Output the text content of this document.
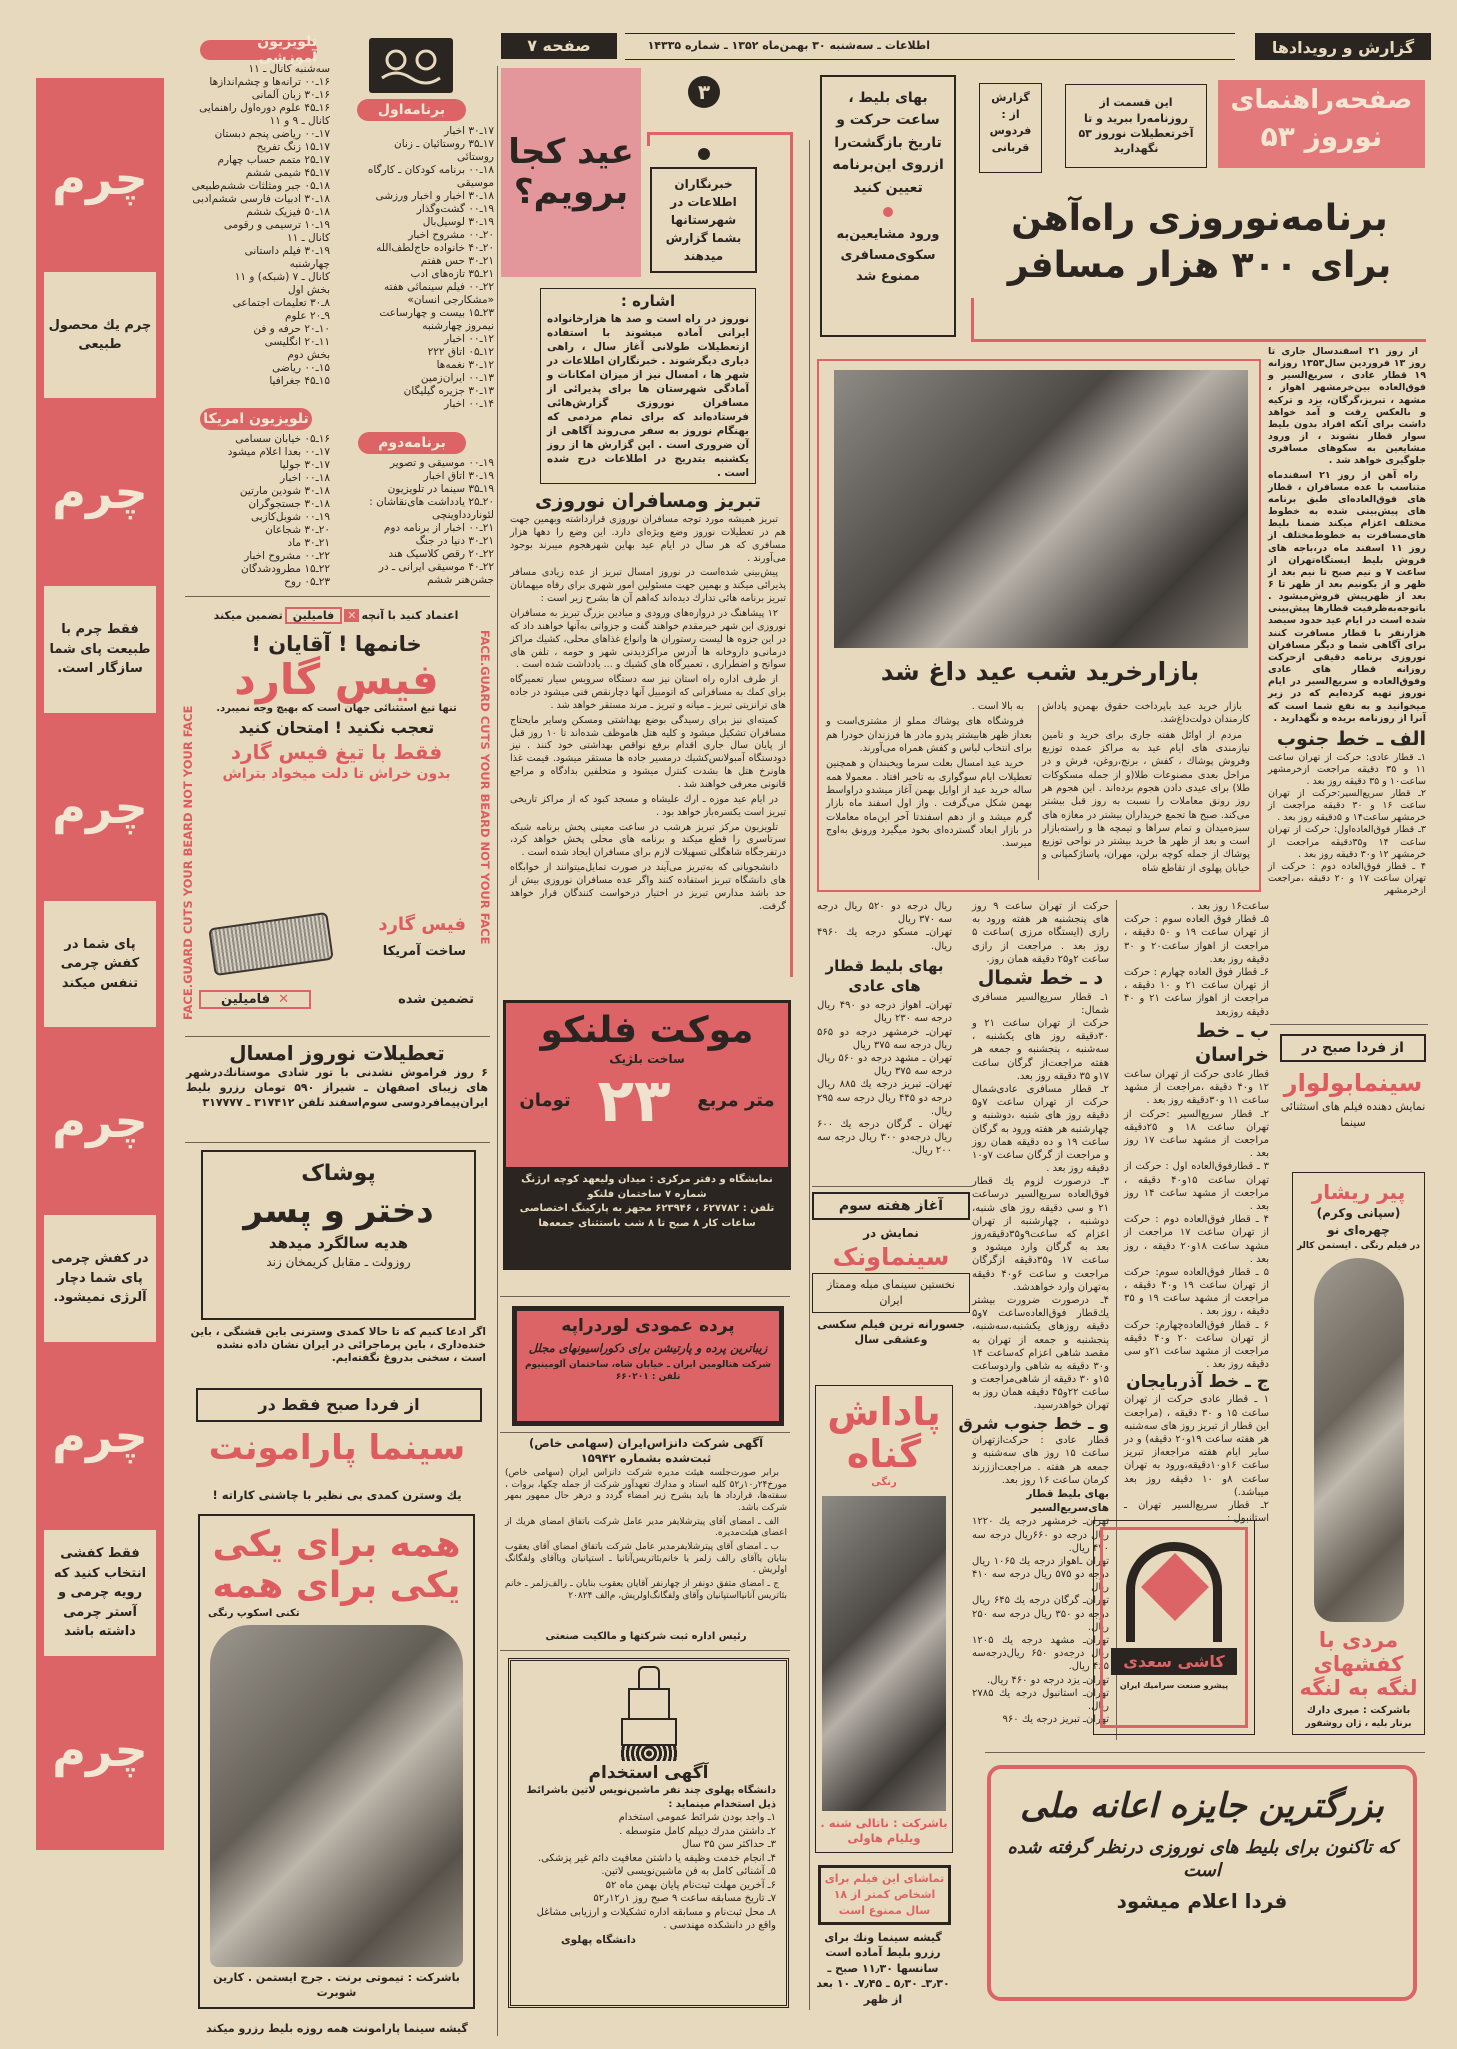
گزارش و رویدادها
اطلاعات ـ سه‌شنبه ۳۰ بهمن‌ماه ۱۳۵۲ ـ شماره ۱۴۳۳۵
صفحه ۷
چرم
چرم یك محصول طبیعی
چرم
فقط چرم با طبیعت پای شما سازگار است.
چرم
پای شما در کفش چرمی تنفس میکند
چرم
در کفش چرمی پای شما دچار آلرژی نمیشود.
چرم
فقط کفشی انتخاب کنید که رویه چرمی و آستر چرمی داشته باشد
چرم
تلویزیون آموزشی
سه‌شنبه کانال ـ ۱۱
۱۶ـ۰۰ ترانه‌ها و چشم‌اندازها
۱۶ـ۳۰ زبان آلمانی
۱۶ـ۴۵ علوم دوره‌اول راهنمایی
کانال ـ ۹ و ۱۱
۱۷ـ۰۰ ریاضی پنجم دبستان
۱۷ـ۱۵ زنگ تفریح
۱۷ـ۲۵ متمم حساب چهارم
۱۷ـ۴۵ شیمی ششم
۱۸ـ۰۵ جبر ومثلثات ششم‌طبیعی
۱۸ـ۳۰ ادبیات فارسی ششم‌ادبی
۱۸ـ۵۰ فیزیک ششم
۱۹ـ۱۰ ترسیمی و رقومی
کانال ـ ۱۱
۱۹ـ۳۰ فیلم داستانی
چهارشنبه
کانال ـ ۷ (شبکه) و ۱۱
بخش اول
۸ـ۳۰ تعلیمات اجتماعی
۹ـ۲۰ علوم
۱۰ـ۲۰ حرفه و فن
۱۱ـ۲۰ انگلیسی
بخش دوم
۱۵ـ۰۰ ریاضی
۱۵ـ۴۵ جغرافیا
برنامه‌اول
۱۷ـ۳۰ اخبار
۱۷ـ۳۵ روستائیان ـ زنان
روستائی
۱۸ـ۰۰ برنامه کودکان ـ کارگاه
موسیقی
۱۸ـ۳۰ اخبار و اخبار ورزشی
۱۹ـ۰۰ گشت‌وگذار
۱۹ـ۳۰ لوسیل‌بال
۲۰ـ۰۰ مشروح اخبار
۲۰ـ۴۰ خانواده حاج‌لطف‌الله
۲۱ـ۳۰ حس هفتم
۲۱ـ۳۵ تازه‌های ادب
۲۲ـ۰۰ فیلم سینمائی هفته
«مشکارجی انسان»
۲۳ـ۱۵ بیست و چهارساعت
نیمروز چهارشنبه
۱۲ـ۰۰ اخبار
۱۲ـ۰۵ اتاق ۲۲۲
۱۲ـ۳۰ نغمه‌ها
۱۳ـ۰۰ ایران‌زمین
۱۳ـ۳۰ جزیره گیلیگان
۱۴ـ۰۰ اخبار
تلویزیون امریکا
۱۶ـ۰۵ خیابان سسامی
۱۷ـ۰۰ بعدا اعلام میشود
۱۷ـ۳۰ جولیا
۱۸ـ۰۰ اخبار
۱۸ـ۳۰ شودین مارتین
۱۸ـ۳۰ جستجوگران
۱۹ـ۰۰ شوبل‌کازبی
۲۰ـ۳۰ شجاعان
۲۱ـ۳۰ ماد
۲۲ـ۰۰ مشروح اخبار
۲۲ـ۱۵ مطرودشدگان
۲۳ـ۰۵ روح
برنامه‌دوم
۱۹ـ۰۰ موسیقی و تصویر
۱۹ـ۳۰ اتاق اخبار
۱۹ـ۳۵ سینما در تلویزیون
۲۰ـ۲۵ یادداشت های‌نقاشان :
لئوناردداوینچی
۲۱ـ۰۰ اخبار از برنامه دوم
۲۱ـ۳۰ دنیا در جنگ
۲۲ـ۲۰ رقص کلاسیک هند
۲۲ـ۴۰ موسیقی ایرانی ـ در
جشن‌هنر ششم
اعتماد کنید با آنچه
✕
فامیلین
تضمین میکند
FACE.GUARD CUTS YOUR BEARD NOT YOUR FACE
FACE.GUARD CUTS YOUR BEARD NOT YOUR FACE
خانمها ! آقایان !
فیس گارد
تنها تیغ استثنائی جهان است که بهیچ وجه نمیبرد.
تعجب نکنید ! امتحان کنید
فقط با تیغ فیس گارد
بدون خراش تا دلت میخواد بتراش
فیس گارد
ساخت آمریکا
تضمین شده
✕
فامیلین
تعطیلات نوروز امسال
۶ روز فراموش نشدنی با تور شادی موستانك‌درشهر های زیبای اصفهان ـ شیراز ۵۹۰ تومان رزرو بلیط ایران‌پیمافردوسی سوم‌اسفند تلفن ۳۱۷۴۱۲ ـ ۳۱۷۷۷۷
پوشاک
دختر و پسر
هدیه سالگرد میدهد
روزولت ـ مقابل کریمخان زند
اگر ادعا کنیم که تا حالا کمدی وسترنی باین قشنگی ، باین خنده‌داری ، باین پرماجرائی در ایران نشان داده نشده است ، سخنی بدروغ نگفته‌ایم.
از فردا صبح فقط در
سینما پارامونت
یك وسترن کمدی بی نظیر با چاشنی کاراته !
همه برای یکی یکی برای همه
تکنی اسکوپ رنگی
باشرکت : تیموتی برنت . جرج ایستمن . کارین شوبرت
گیشه سینما پارامونت همه روزه بلیط رزرو میکند
عید کجا برویم؟
۳
خبرنگاران اطلاعات در شهرستانها بشما گزارش میدهند
اشاره :
نوروز در راه است و صد ها هزارخانواده ایرانی آماده میشوند با استفاده ازتعطیلات طولانی آغاز سال ، راهی دیاری دیگرشوند . خبرنگاران اطلاعات در شهر ها ، امسال نیز از میزان امکانات و آمادگی شهرستان ها برای پذیرائی از مسافران نوروزی گزارش‌هائی فرستاده‌اند که برای تمام مردمی که بهنگام نوروز به سفر می‌روند آگاهی از آن ضروری است . این گزارش ها از روز یکشنبه بتدریج در اطلاعات درج شده است .
تبریز ومسافران نوروزی

تبریز همیشه مورد توجه مسافران نوروزی قرارداشته وبهمین جهت هم در تعطیلات نوروز وضع ویژه‌ای دارد. این وضع را دهها هزار مسافری که هر سال در ایام عید بهاین شهرهجوم میبرند بوجود می‌آورند .

پیش‌بینی شده‌است در نوروز امسال تبریز از عده زیادی مسافر پذیرائی میکند و بهمین جهت مسئولین امور شهری برای رفاه میهمانان تبریز برنامه هائی تدارك دیده‌اند که‌اهم آن ها بشرح زیر است :

۱۲ پیشاهنگ در دروازه‌های ورودی و میادین بزرگ تبریز به مسافران نوروزی این شهر خیرمقدم خواهند گفت و جزواتی به‌آنها خواهند داد که در این جزوه ها لیست رستوران ها وانواع غذاهای محلی، کشیك مراکز درمانی‌و داروخانه ها آدرس مراکزدیدنی شهر و حومه ، تلفن های سوانح و اضطراری ، تعمیرگاه های کشیك و ... یادداشت شده است .

از طرف اداره راه استان نیز سه دستگاه سرویس سیار تعمیرگاه برای کمك به مسافرانی که اتومبیل آنها دچارنقص فنی میشود در جاده های ترانزیتی تبریز ـ میانه و تبریز ـ مرند مستقر خواهد شد .

کمیته‌ای نیز برای رسیدگی بوضع بهداشتی ومسکن وسایر مایحتاج مسافران تشکیل میشود و کلیه هتل هاموظف شده‌اند تا ۱۰ روز قبل از پایان سال جاری اقدام برفع نواقص بهداشتی خود کنند . نیز دودستگاه آمبولانس‌کشیك درمسیر جاده ها مستقر میشود. قیمت غذا هاونرخ هتل ها بشدت کنترل میشود و متخلفین بدادگاه و مراجع قانونی معرفی خواهند شد .

در ایام عید موزه ـ ارك علیشاه و مسجد کبود که از مراکز تاریخی تبریز است یکسره‌باز خواهد بود .

تلویزیون مرکز تبریز هرشب در ساعت معینی پخش برنامه شبکه سرتاسری را قطع میکند و برنامه های محلی پخش خواهد کرد، درتفرجگاه شاهگلی تسهیلات لازم برای مسافران ایجاد شده است .

دانشجویانی که به‌تبریز می‌آیند در صورت تمایل‌میتوانند از خوابگاه های دانشگاه تبریز استفاده کنند واگر عده مسافران نوروزی بیش از حد باشد مدارس تبریز در اختیار درخواست کنندگان قرار خواهد گرفت.

موکت فلنکو
ساخت بلژیک
متر مربع
۲۳
تومان
نمایشگاه و دفتر مرکزی : میدان ولیعهد کوچه ارژنگ شماره ۷ ساختمان فلنکو
تلفن : ۶۲۷۷۸۲ ، ۶۲۳۹۴۶ مجهز به پارکینگ اختصاصی
ساعات کار ۸ صبح تا ۸ شب باستثنای جمعه‌ها
پرده عمودی لوردراپه
زیباترین پرده و پارتیشن برای دکوراسیونهای مجلل
شرکت هنالومین ایران ـ خیابان شاه، ساختمان آلومینیوم تلفن : ۶۶۰۲۰۱
آگهی شرکت دانزاس‌ایران (سهامی خاص) ثبت‌شده بشماره ۱۵۹۴۲

برابر صورت‌جلسه هیئت مدیره شرکت دانزاس ایران (سهامی خاص) مورخ۲۴ر۱۰ر۵۲ کلیه اسناد و مدارك تعهدآور شرکت از جمله چکها، بروات ، سفته‌ها، قرارداد ها باید بشرح زیر امضاء گردد و درهر حال ممهور بمهر شرکت باشد.

الف ـ امضای آقای پیترشلایفر مدیر عامل شرکت باتفاق امضای هریك از اعضای هیئت‌مدیره.

ب ـ امضای آقای پیترشلایفرمدیر عامل شرکت باتفاق امضای آقای یعقوب بنایان یاآقای رالف زلمر یا خانم‌بئاتریس‌آنانیا ـ استپانیان ویاآقای ولفگانگ اولریش .

ج ـ امضای متفق دونفر از چهارنفر آقایان یعقوب بنایان ـ رالف‌زلمر ـ خانم بئاتریس آنانیااستپانیان وآقای ولفگانگ‌اولریش، م‌الف ۲۰۸۲۴

رئیس اداره ثبت شرکتها و مالکیت صنعتی
آگهی استخدام
دانشگاه پهلوی چند نفر ماشین‌نویس لاتین باشرائط ذیل استخدام مینماید :
۱ـ واجد بودن شرائط عمومی استخدام
۲ـ داشتن مدرك دیپلم کامل متوسطه .
۳ـ حداکثر سن ۳۵ سال
۴ـ انجام خدمت وظیفه یا داشتن معافیت دائم غیر پزشکی.
۵ـ آشنائی کامل به فن ماشین‌نویسی لاتین.
۶ـ آخرین مهلت ثبت‌نام پایان بهمن ماه ۵۲
۷ـ تاریخ مسابقه ساعت ۹ صبح روز ۱ر۱۲ر۵۲
۸ـ محل ثبت‌نام و مسابقه اداره تشکیلات و ارزیابی مشاغل واقع در دانشکده مهندسی .
دانشگاه پهلوی
بهای بلیط ،
ساعت حرکت و
تاریخ بازگشت‌را
ازروی این‌برنامه
تعیین کنید
ورود مشایعین‌به
سکوی‌مسافری
ممنوع شد
گزارش
از :
فردوس
قربانی
این قسمت از روزنامه‌را ببرید و تا آخرتعطیلات نوروز ۵۳ نگهدارید
صفحه‌راهنمای
نوروز ۵۳
برنامه‌نوروزی راه‌آهن
برای ۳۰۰ هزار مسافر
بازارخرید شب عید داغ شد

بازار خرید عید باپرداخت حقوق بهمن‌و پاداش کارمندان دولت‌داغ‌شد.

مردم از اوائل هفته جاری برای خرید و تامین نیازمندی های ایام عید به مراکز عمده توزیع وفروش پوشاك ، کفش ، برنج،روغن، فرش و در مراحل بعدی مصنوعات طلا(و از جمله مسکوکات طلا) برای عیدی دادن هجوم برده‌اند . این هجوم هر روز رونق معاملات را نسبت به روز قبل بیشتر می‌کند. صبح ها تجمع خریداران بیشتر در مغازه های سبزه‌میدان و تمام سراها و تیمچه ها و راسته‌بازار است و بعد از ظهر ها خرید بیشتر در نواحی توزیع پوشاك از جمله کوچه برلن، مهران، پاساژکمپانی و خیابان پهلوی از تقاطع شاه

به بالا است .

فروشگاه های پوشاك مملو از مشتری‌است و بعداز ظهر هابیشتر پدرو مادر ها فرزندان خودرا هم برای انتخاب لباس و کفش همراه می‌آورند.

خرید عید امسال بعلت سرما ویخبندان و همچنین تعطیلات ایام سوگواری به تاخیر افتاد . معمولا همه ساله خرید عید از اوایل بهمن آغاز میشدو دراواسط بهمن شکل می‌گرفت . واز اول اسفند ماه بازار گرم میشد و از دهم اسفندتا آخر این‌ماه معاملات در بازار ابعاد گسترده‌ای بخود میگیرد ورونق به‌اوج میرسد.

از روز ۲۱ اسفندسال جاری تا روز ۱۳ فروردین سال۱۳۵۳ روزانه ۱۹ قطار عادی ، سریع‌السیر و فوق‌العاده بین‌خرمشهر اهواز ، مشهد ، تبریز،گرگان، یزد و ترکیه و بالعکس رفت و آمد خواهد داشت برای آنکه افراد بدون بلیط سوار قطار نشوند ، از ورود مشایعین به سکوهای مسافری جلوگیری خواهد شد .

راه آهن از روز ۲۱ اسفندماه متناسب با عده مسافران ، قطار های فوق‌العاده‌ای طبق برنامه های پیش‌بینی شده به خطوط مختلف اعزام میکند ضمنا بلیط های‌مسافرت به خطوط‌مختلف از روز ۱۱ اسفند ماه در،باجه های فروش بلیط ایستگاه‌تهران از ساعت ۷ و نیم صبح تا نیم بعد از ظهر و از یکونیم بعد از ظهر تا ۶ بعد از ظهرپیش فروش‌میشود . باتوجه‌به‌ظرفیت قطارها پیش‌بینی شده است در ایام عید حدود سیصد هزارنفر با قطار مسافرت کنند برای آگاهی شما و دیگر مسافران نوروزی برنامه دقیقی ازحرکت روزانه قطار های عادی وفوق‌العاده و سریع‌السیر در ایام نوروز تهیه کرده‌ایم که در زیر میخوانید و به نفع شما است که آنرا از روزنامه بریده و نگهدارید .

الف ـ خط جنوب
۱ـ قطار عادی: حرکت از تهران ساعت ۱۱ و ۳۵ دقیقه مراجعت ازخرمشهر ساعت۱۰ و ۳۵ دقیقه روز بعد .
۲ـ قطار سریع‌السیر:حرکت از تهران ساعت ۱۶ و ۳۰ دقیقه مراجعت از خرمشهر ساعت۱۴ و ۵دقیقه روز بعد .
۳ـ قطار فوق‌العاده‌اول: حرکت از تهران ساعت ۱۴ و۳۵دقیقه مراجعت از خرمشهر ۱۲ و۳۰ دقیقه روز بعد .
۴ ـ قطار فوق‌العاده دوم : حرکت از تهران ساعت ۱۷ و ۲۰ دقیقه ،مراجعت ازخرمشهر
ریال درجه دو ۵۲۰ ریال درجه سه ۳۷۰ ریال
تهران‌ـ مسکو درجه یك ۴۹۶۰ ریال.
بهای بلیط قطار های عادی
تهران‌ـ اهواز درجه دو ۴۹۰ ریال درجه سه ۲۳۰ ریال
تهران‌ـ خرمشهر درجه دو ۵۶۵ ریال درجه سه ۳۷۵ ریال
تهران ـ مشهد درجه دو ۵۶۰ ریال درجه سه ۳۷۵ ریال
تهران‌ـ تبریز درجه یك ۸۸۵ ریال درجه دو ۴۴۵ ریال درجه سه ۲۹۵ ریال.
تهران ـ گرگان درجه یك ۶۰۰ ریال درجه‌دو ۳۰۰ ریال درجه سه ۲۰۰ ریال.
حرکت از تهران ساعت ۹ روز های پنجشنبه هر هفته ورود به رازی (ایستگاه مرزی )ساعت ۵ روز بعد . مراجعت از رازی ساعت ۲و۲۵ دقیقه همان روز.
د ـ خط شمال
۱ـ قطار سریع‌السیر مسافری شمال:
حرکت از تهران ساعت ۲۱ و ۳۰دقیقه روز های یکشنبه ، سه‌شنبه ، پنجشنبه و جمعه هر هفته مراجعت‌از گرگان ساعت ۱۷و ۳۵ دقیقه روز بعد.
۲ـ قطار مسافری عادی‌شمال حرکت از تهران ساعت ۷و۵ دقیقه روز های شنبه ،دوشنبه و چهارشنبه هر هفته ورود به گرگان ساعت ۱۹ و ده دقیقه همان روز و مراجعت از گرگان ساعت ۷و۱۰ دقیقه روز بعد .
۳ـ درصورت لزوم یك قطار فوق‌العاده سریع‌السیر درساعت ۲۱ و سی دقیقه روز های شنبه، دوشنبه ، چهارشنبه از تهران اعزام که ساعت۹و۳۵دقیقه‌روز بعد به گرگان وارد میشود و ساعت ۱۷ و۳۵دقیقه ازگرگان مراجعت و ساعت ۶و۴۰ دقیقه به‌تهران وارد خواهدشد.
۴ـ درصورت ضرورت بیشتر یك‌قطار فوق‌العاده‌ساعت ۷و۵ دقیقه روزهای یکشنبه،سه‌شنبه، پنجشنبه و جمعه از تهران به مقصد شاهی اعزام که‌ساعت ۱۴ و۳۰ دقیقه به شاهی واردوساعت ۱۵و ۳۰ دقیقه از شاهی‌مراجعت و ساعت ۲۲و۴۵ دقیقه همان روز به تهران خواهدرسید.
و ـ خط جنوب شرق
قطار عادی : حرکت‌ازتهران ساعت ۱۵ روز های سه‌شنبه و جمعه هر هفته . مراجعت‌اززرند کرمان ساعت ۱۶ روز بعد.
بهای بلیط قطار های‌سریع‌السیر
تهران‌ـ خرمشهر درجه یك ۱۲۲۰ ریال درجه دو ۶۶۰ریال درجه سه ۴۷۰ ریال.
تهران ـ‌اهواز درجه یك ۱۰۶۵ ریال درجه دو ۵۷۵ ریال درجه سه ۴۱۰ ریال
تهران‌ـ گرگان درجه یك ۶۴۵ ریال درجه دو ۳۵۰ ریال درجه سه ۲۵۰ ریال.
تهران‌ـ مشهد درجه یك ۱۲۰۵ ریال درجه‌دو ۶۵۰ ریال‌درجه‌سه ۴۶۵ ریال.
تهران‌ـ یزد درجه دو ۴۶۰ ریال.
تهران‌ـ استانبول درجه یك ۲۷۸۵ ریال.
تهران‌ـ تبریز درجه یك ۹۶۰
ساعت۱۶ روز بعد .
۵ـ قطار فوق العاده سوم : حرکت از تهران ساعت ۱۹ و ۵۰ دقیقه ، مراجعت از اهواز ساعت۲۰ و ۳۰ دقیقه روز بعد.
۶ـ قطار فوق العاده چهارم : حرکت از تهران ساعت ۲۱ و ۱۰ دقیقه ، مراجعت از اهواز ساعت ۲۱ و ۴۰ دقیقه روزبعد
ب ـ خط خراسان
قطار عادی حرکت از تهران ساعت ۱۲ و۴۰ دقیقه ،مراجعت از مشهد ساعت ۱۱ و۳۰دقیقه روز بعد .
۲ـ قطار سریع‌السیر :حرکت از تهران ساعت ۱۸ و ۲۵دقیقه مراجعت از مشهد ساعت ۱۷ روز بعد .
۳ ـ قطارفوق‌العاده اول : حرکت از تهران ساعت ۱۵و۴۰ دقیقه ، مراجعت از مشهد ساعت ۱۴ روز بعد .
۴ ـ قطار فوق‌العاده دوم : حرکت از تهران ساعت ۱۷ مراجعت از مشهد ساعت ۱۸و۲۰ دقیقه ، روز بعد .
۵ ـ قطار فوق‌العاده سوم: حرکت از تهران ساعت ۱۹ و۴۰ دقیقه ، مراجعت از مشهد ساعت ۱۹ و ۳۵ دقیقه ، روز بعد .
۶ ـ قطار فوق‌العاده‌چهارم: حرکت از تهران ساعت ۲۰ و۴۰ دقیقه مراجعت از مشهد ساعت ۲۱و سی دقیقه روز بعد .
ج ـ خط آذربایجان
۱ ـ قطار عادی حرکت از تهران ساعت ۱۵ و ۳۰ دقیقه ، (مراجعت این قطار از تبریز روز های سه‌شنبه هر هفته ساعت ۱۹و۲۰ دقیقه) و در سایر ایام هفته مراجعه‌از تبریز ساعت ۱۶و۱۰دقیقه،ورود به تهران ساعت ۸و ۱۰ دقیقه روز بعد میباشد.)
۲ـ قطار سریع‌السیر تهران ـ استانبول :
کاشی سعدی
پیشرو صنعت سرامیك ایران
از فردا صبح در
سینمابولوار
نمایش دهنده فیلم های استثنائی سینما
پیر ریشار
(سپانی وکرم) چهره‌ای نو
در فیلم رنگی . ایستمن کالر
مردی با کفشهای لنگه به لنگه
باشرکت : میری دارك
برنار بلیه ، ژان روشفور
آغاز هفته سوم
نمایش در
سینماونک
نخستین سینمای مبله وممتاز ایران
جسورانه ترین فیلم سکسی وعشقی سال
پاداش گناه
رنگی
باشرکت : ناتالی شنه . ویلیام هاولی
تماشای این فیلم برای اشخاص کمتر از ۱۸ سال ممنوع است
گیشه سینما ونك برای رزرو بلیط آماده است
سانسها ۱۱٫۳۰ صبح ـ ۳٫۳۰ـ ۵٫۳۰ ـ ۷٫۴۵ـ ۱۰ بعد از ظهر
بزرگترین جایزه اعانه ملی
که تاکنون برای بلیط های نوروزی درنظر گرفته شده است
فردا اعلام میشود
